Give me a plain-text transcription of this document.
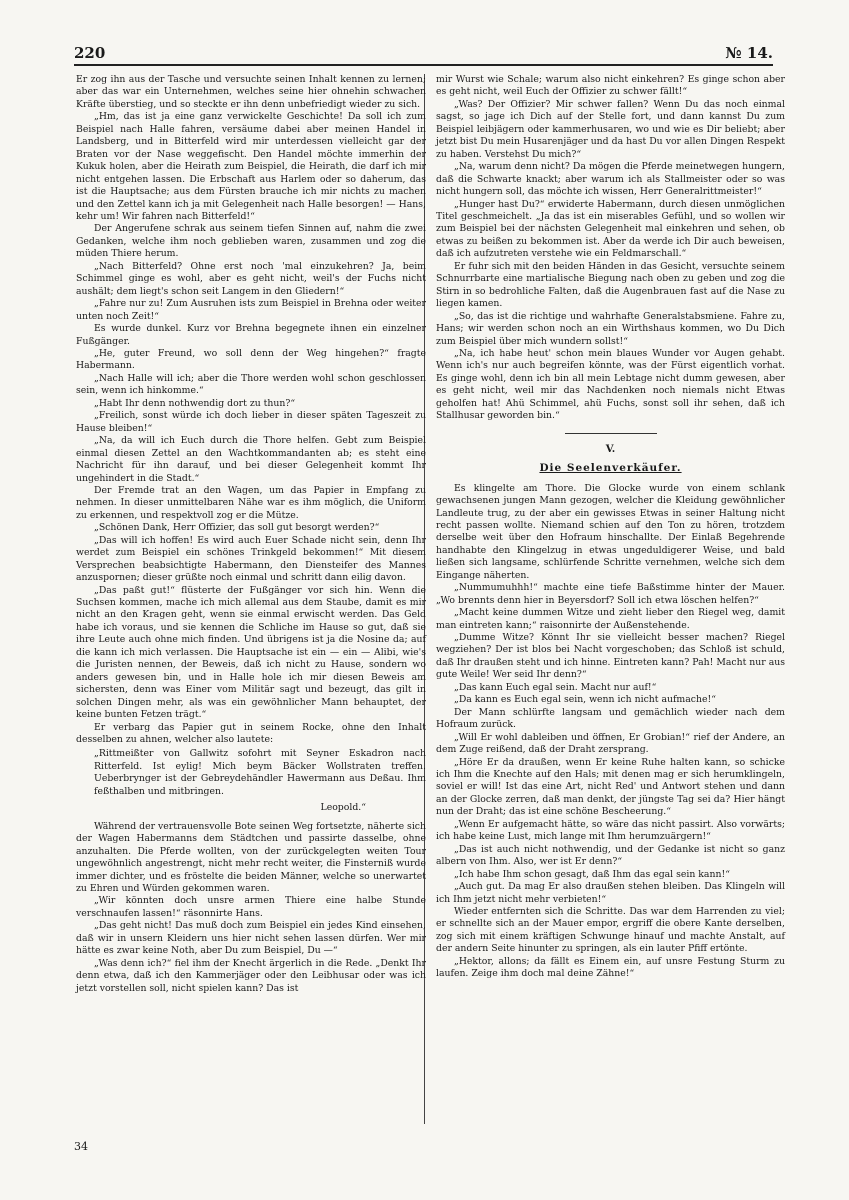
220	№ 14.

Er zog ihn aus der Tasche und versuchte seinen Inhalt kennen zu lernen; aber das war ein Unternehmen, welches seine hier ohnehin schwachen Kräfte überstieg, und so steckte er ihn denn unbefriedigt wieder zu sich.

„Hm, das ist ja eine ganz verwickelte Geschichte! Da soll ich zum Beispiel nach Halle fahren, versäume dabei aber meinen Handel in Landsberg, und in Bitterfeld wird mir unterdessen vielleicht gar der Braten vor der Nase weggefischt. Den Handel möchte immerhin der Kukuk holen, aber die Heirath zum Beispiel, die Heirath, die darf ich mir nicht entgehen lassen. Die Erbschaft aus Harlem oder so daherum, das ist die Hauptsache; aus dem Fürsten brauche ich mir nichts zu machen und den Zettel kann ich ja mit Gelegenheit nach Halle besorgen! — Hans, kehr um! Wir fahren nach Bitterfeld!“

Der Angerufene schrak aus seinem tiefen Sinnen auf, nahm die zwei Gedanken, welche ihm noch geblieben waren, zusammen und zog die müden Thiere herum.

„Nach Bitterfeld? Ohne erst noch 'mal einzukehren? Ja, beim Schimmel ginge es wohl, aber es geht nicht, weil's der Fuchs nicht aushält; dem liegt's schon seit Langem in den Gliedern!“

„Fahre nur zu! Zum Ausruhen ists zum Beispiel in Brehna oder weiter unten noch Zeit!“

Es wurde dunkel. Kurz vor Brehna begegnete ihnen ein einzelner Fußgänger.

„He, guter Freund, wo soll denn der Weg hingehen?“ fragte Habermann.

„Nach Halle will ich; aber die Thore werden wohl schon geschlossen sein, wenn ich hinkomme.“

„Habt Ihr denn nothwendig dort zu thun?“

„Freilich, sonst würde ich doch lieber in dieser späten Tageszeit zu Hause bleiben!“

„Na, da will ich Euch durch die Thore helfen. Gebt zum Beispiel einmal diesen Zettel an den Wachtkommandanten ab; es steht eine Nachricht für ihn darauf, und bei dieser Gelegenheit kommt Ihr ungehindert in die Stadt.“

Der Fremde trat an den Wagen, um das Papier in Empfang zu nehmen. In dieser unmittelbaren Nähe war es ihm möglich, die Uniform zu erkennen, und respektvoll zog er die Mütze.

„Schönen Dank, Herr Offizier, das soll gut besorgt werden?“

„Das will ich hoffen! Es wird auch Euer Schade nicht sein, denn Ihr werdet zum Beispiel ein schönes Trinkgeld bekommen!“ Mit diesem Versprechen beabsichtigte Habermann, den Diensteifer des Mannes anzuspornen; dieser grüßte noch einmal und schritt dann eilig davon.

„Das paßt gut!“ flüsterte der Fußgänger vor sich hin. Wenn die Suchsen kommen, mache ich mich allemal aus dem Staube, damit es mir nicht an den Kragen geht, wenn sie einmal erwischt werden. Das Geld habe ich voraus, und sie kennen die Schliche im Hause so gut, daß sie ihre Leute auch ohne mich finden. Und übrigens ist ja die Nosine da; auf die kann ich mich verlassen. Die Hauptsache ist ein — ein — Alibi, wie's die Juristen nennen, der Beweis, daß ich nicht zu Hause, sondern wo anders gewesen bin, und in Halle hole ich mir diesen Beweis am sichersten, denn was Einer vom Militär sagt und bezeugt, das gilt in solchen Dingen mehr, als was ein gewöhnlicher Mann behauptet, der keine bunten Fetzen trägt.“

Er verbarg das Papier gut in seinem Rocke, ohne den Inhalt desselben zu ahnen, welcher also lautete:

„Rittmeißter von Gallwitz sofohrt mit Seyner Eskadron nach Ritterfeld. Ist eylig! Mich beym Bäcker Wollstraten treffen. Ueberbrynger ist der Gebreydehändler Hawermann aus Deßau. Ihm feßthalben und mitbringen.

Leopold.“

Während der vertrauensvolle Bote seinen Weg fortsetzte, näherte sich der Wagen Habermanns dem Städtchen und passirte dasselbe, ohne anzuhalten. Die Pferde wollten, von der zurückgelegten weiten Tour ungewöhnlich angestrengt, nicht mehr recht weiter, die Finsterniß wurde immer dichter, und es fröstelte die beiden Männer, welche so unerwartet zu Ehren und Würden gekommen waren.

„Wir könnten doch unsre armen Thiere eine halbe Stunde verschnaufen lassen!“ räsonnirte Hans.

„Das geht nicht! Das muß doch zum Beispiel ein jedes Kind einsehen, daß wir in unsern Kleidern uns hier nicht sehen lassen dürfen. Wer mir hätte es zwar keine Noth, aber Du zum Beispiel, Du —“

„Was denn ich?“ fiel ihm der Knecht ärgerlich in die Rede. „Denkt Ihr denn etwa, daß ich den Kammerjäger oder den Leibhusar oder was ich jetzt vorstellen soll, nicht spielen kann? Das ist

mir Wurst wie Schale; warum also nicht einkehren? Es ginge schon aber es geht nicht, weil Euch der Offizier zu schwer fällt!“

„Was? Der Offizier? Mir schwer fallen? Wenn Du das noch einmal sagst, so jage ich Dich auf der Stelle fort, und dann kannst Du zum Beispiel leibjägern oder kammerhusaren, wo und wie es Dir beliebt; aber jetzt bist Du mein Husarenjäger und da hast Du vor allen Dingen Respekt zu haben. Verstehst Du mich?“

„Na, warum denn nicht? Da mögen die Pferde meinetwegen hungern, daß die Schwarte knackt; aber warum ich als Stallmeister oder so was nicht hungern soll, das möchte ich wissen, Herr Generalrittmeister!“

„Hunger hast Du?“ erwiderte Habermann, durch diesen unmöglichen Titel geschmeichelt. „Ja das ist ein miserables Gefühl, und so wollen wir zum Beispiel bei der nächsten Gelegenheit mal einkehren und sehen, ob etwas zu beißen zu bekommen ist. Aber da werde ich Dir auch beweisen, daß ich aufzutreten verstehe wie ein Feldmarschall.“

Er fuhr sich mit den beiden Händen in das Gesicht, versuchte seinem Schnurrbarte eine martialische Biegung nach oben zu geben und zog die Stirn in so bedrohliche Falten, daß die Augenbrauen fast auf die Nase zu liegen kamen.

„So, das ist die richtige und wahrhafte Generalstabsmiene. Fahre zu, Hans; wir werden schon noch an ein Wirthshaus kommen, wo Du Dich zum Beispiel über mich wundern sollst!“

„Na, ich habe heut' schon mein blaues Wunder vor Augen gehabt. Wenn ich's nur auch begreifen könnte, was der Fürst eigentlich vorhat. Es ginge wohl, denn ich bin all mein Lebtage nicht dumm gewesen, aber es geht nicht, weil mir das Nachdenken noch niemals nicht Etwas geholfen hat! Ahü Schimmel, ahü Fuchs, sonst soll ihr sehen, daß ich Stallhusar geworden bin.“

V.
Die Seelenverkäufer.

Es klingelte am Thore. Die Glocke wurde von einem schlank gewachsenen jungen Mann gezogen, welcher die Kleidung gewöhnlicher Landleute trug, zu der aber ein gewisses Etwas in seiner Haltung nicht recht passen wollte. Niemand schien auf den Ton zu hören, trotzdem derselbe weit über den Hofraum hinschallte. Der Einlaß Begehrende handhabte den Klingelzug in etwas ungeduldigerer Weise, und bald ließen sich langsame, schlürfende Schritte vernehmen, welche sich dem Eingange näherten.

„Nummumuhhh!“ machte eine tiefe Baßstimme hinter der Mauer. „Wo brennts denn hier in Beyersdorf? Soll ich etwa löschen helfen?“

„Macht keine dummen Witze und zieht lieber den Riegel weg, damit man eintreten kann;“ raisonnirte der Außenstehende.

„Dumme Witze? Könnt Ihr sie vielleicht besser machen? Riegel wegziehen? Der ist blos bei Nacht vorgeschoben; das Schloß ist schuld, daß Ihr draußen steht und ich hinne. Eintreten kann? Pah! Macht nur aus gute Weile! Wer seid Ihr denn?“

„Das kann Euch egal sein. Macht nur auf!“

„Da kann es Euch egal sein, wenn ich nicht aufmache!“

Der Mann schlürfte langsam und gemächlich wieder nach dem Hofraum zurück.

„Will Er wohl dableiben und öffnen, Er Grobian!“ rief der Andere, an dem Zuge reißend, daß der Draht zersprang.

„Höre Er da draußen, wenn Er keine Ruhe halten kann, so schicke ich Ihm die Knechte auf den Hals; mit denen mag er sich herumklingeln, soviel er will! Ist das eine Art, nicht Red' und Antwort stehen und dann an der Glocke zerren, daß man denkt, der jüngste Tag sei da? Hier hängt nun der Draht; das ist eine schöne Bescheerung.“

„Wenn Er aufgemacht hätte, so wäre das nicht passirt. Also vorwärts; ich habe keine Lust, mich lange mit Ihm herumzuärgern!“

„Das ist auch nicht nothwendig, und der Gedanke ist nicht so ganz albern von Ihm. Also, wer ist Er denn?“

„Ich habe Ihm schon gesagt, daß Ihm das egal sein kann!“

„Auch gut. Da mag Er also draußen stehen bleiben. Das Klingeln will ich Ihm jetzt nicht mehr verbieten!“

Wieder entfernten sich die Schritte. Das war dem Harrenden zu viel; er schnellte sich an der Mauer empor, ergriff die obere Kante derselben, zog sich mit einem kräftigen Schwunge hinauf und machte Anstalt, auf der andern Seite hinunter zu springen, als ein lauter Pfiff ertönte.

„Hektor, allons; da fällt es Einem ein, auf unsre Festung Sturm zu laufen. Zeige ihm doch mal deine Zähne!“

34
